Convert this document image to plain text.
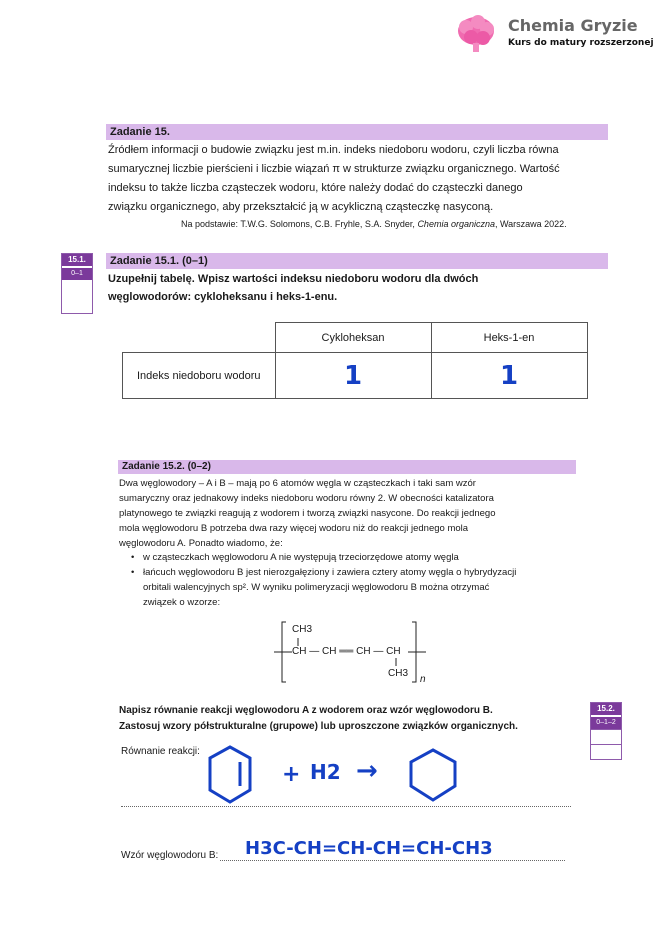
Chemia Gryzie
Kurs do matury rozszerzonej
Zadanie 15.
Źródłem informacji o budowie związku jest m.in. indeks niedoboru wodoru, czyli liczba równa
sumarycznej liczbie pierścieni i liczbie wiązań π w strukturze związku organicznego. Wartość
indeksu to także liczba cząsteczek wodoru, które należy dodać do cząsteczki danego
związku organicznego, aby przekształcić ją w acykliczną cząsteczkę nasyconą.
Na podstawie: T.W.G. Solomons, C.B. Fryhle, S.A. Snyder, Chemia organiczna, Warszawa 2022.
15.1.
0–1
Zadanie 15.1. (0–1)
Uzupełnij tabelę. Wpisz wartości indeksu niedoboru wodoru dla dwóch
węglowodorów: cykloheksanu i heks-1-enu.
	Cykloheksan	Heks-1-en
Indeks niedoboru wodoru	1	1
Zadanie 15.2. (0–2)
Dwa węglowodory – A i B – mają po 6 atomów węgla w cząsteczkach i taki sam wzór
sumaryczny oraz jednakowy indeks niedoboru wodoru równy 2. W obecności katalizatora
platynowego te związki reagują z wodorem i tworzą związki nasycone. Do reakcji jednego
mola węglowodoru B potrzeba dwa razy więcej wodoru niż do reakcji jednego mola
węglowodoru A. Ponadto wiadomo, że:
• w cząsteczkach węglowodoru A nie występują trzeciorzędowe atomy węgla
• łańcuch węglowodoru B jest nierozgałęziony i zawiera cztery atomy węgla o hybrydyzacji
orbitali walencyjnych sp². W wyniku polimeryzacji węglowodoru B można otrzymać
związek o wzorze:
CH3
CH — CH ══ CH — CH
CH3
n
15.2.
0–1–2
Napisz równanie reakcji węglowodoru A z wodorem oraz wzór węglowodoru B.
Zastosuj wzory półstrukturalne (grupowe) lub uproszczone związków organicznych.
Równanie reakcji:
+ H2 →
Wzór węglowodoru B: H3C-CH=CH-CH=CH-CH3
